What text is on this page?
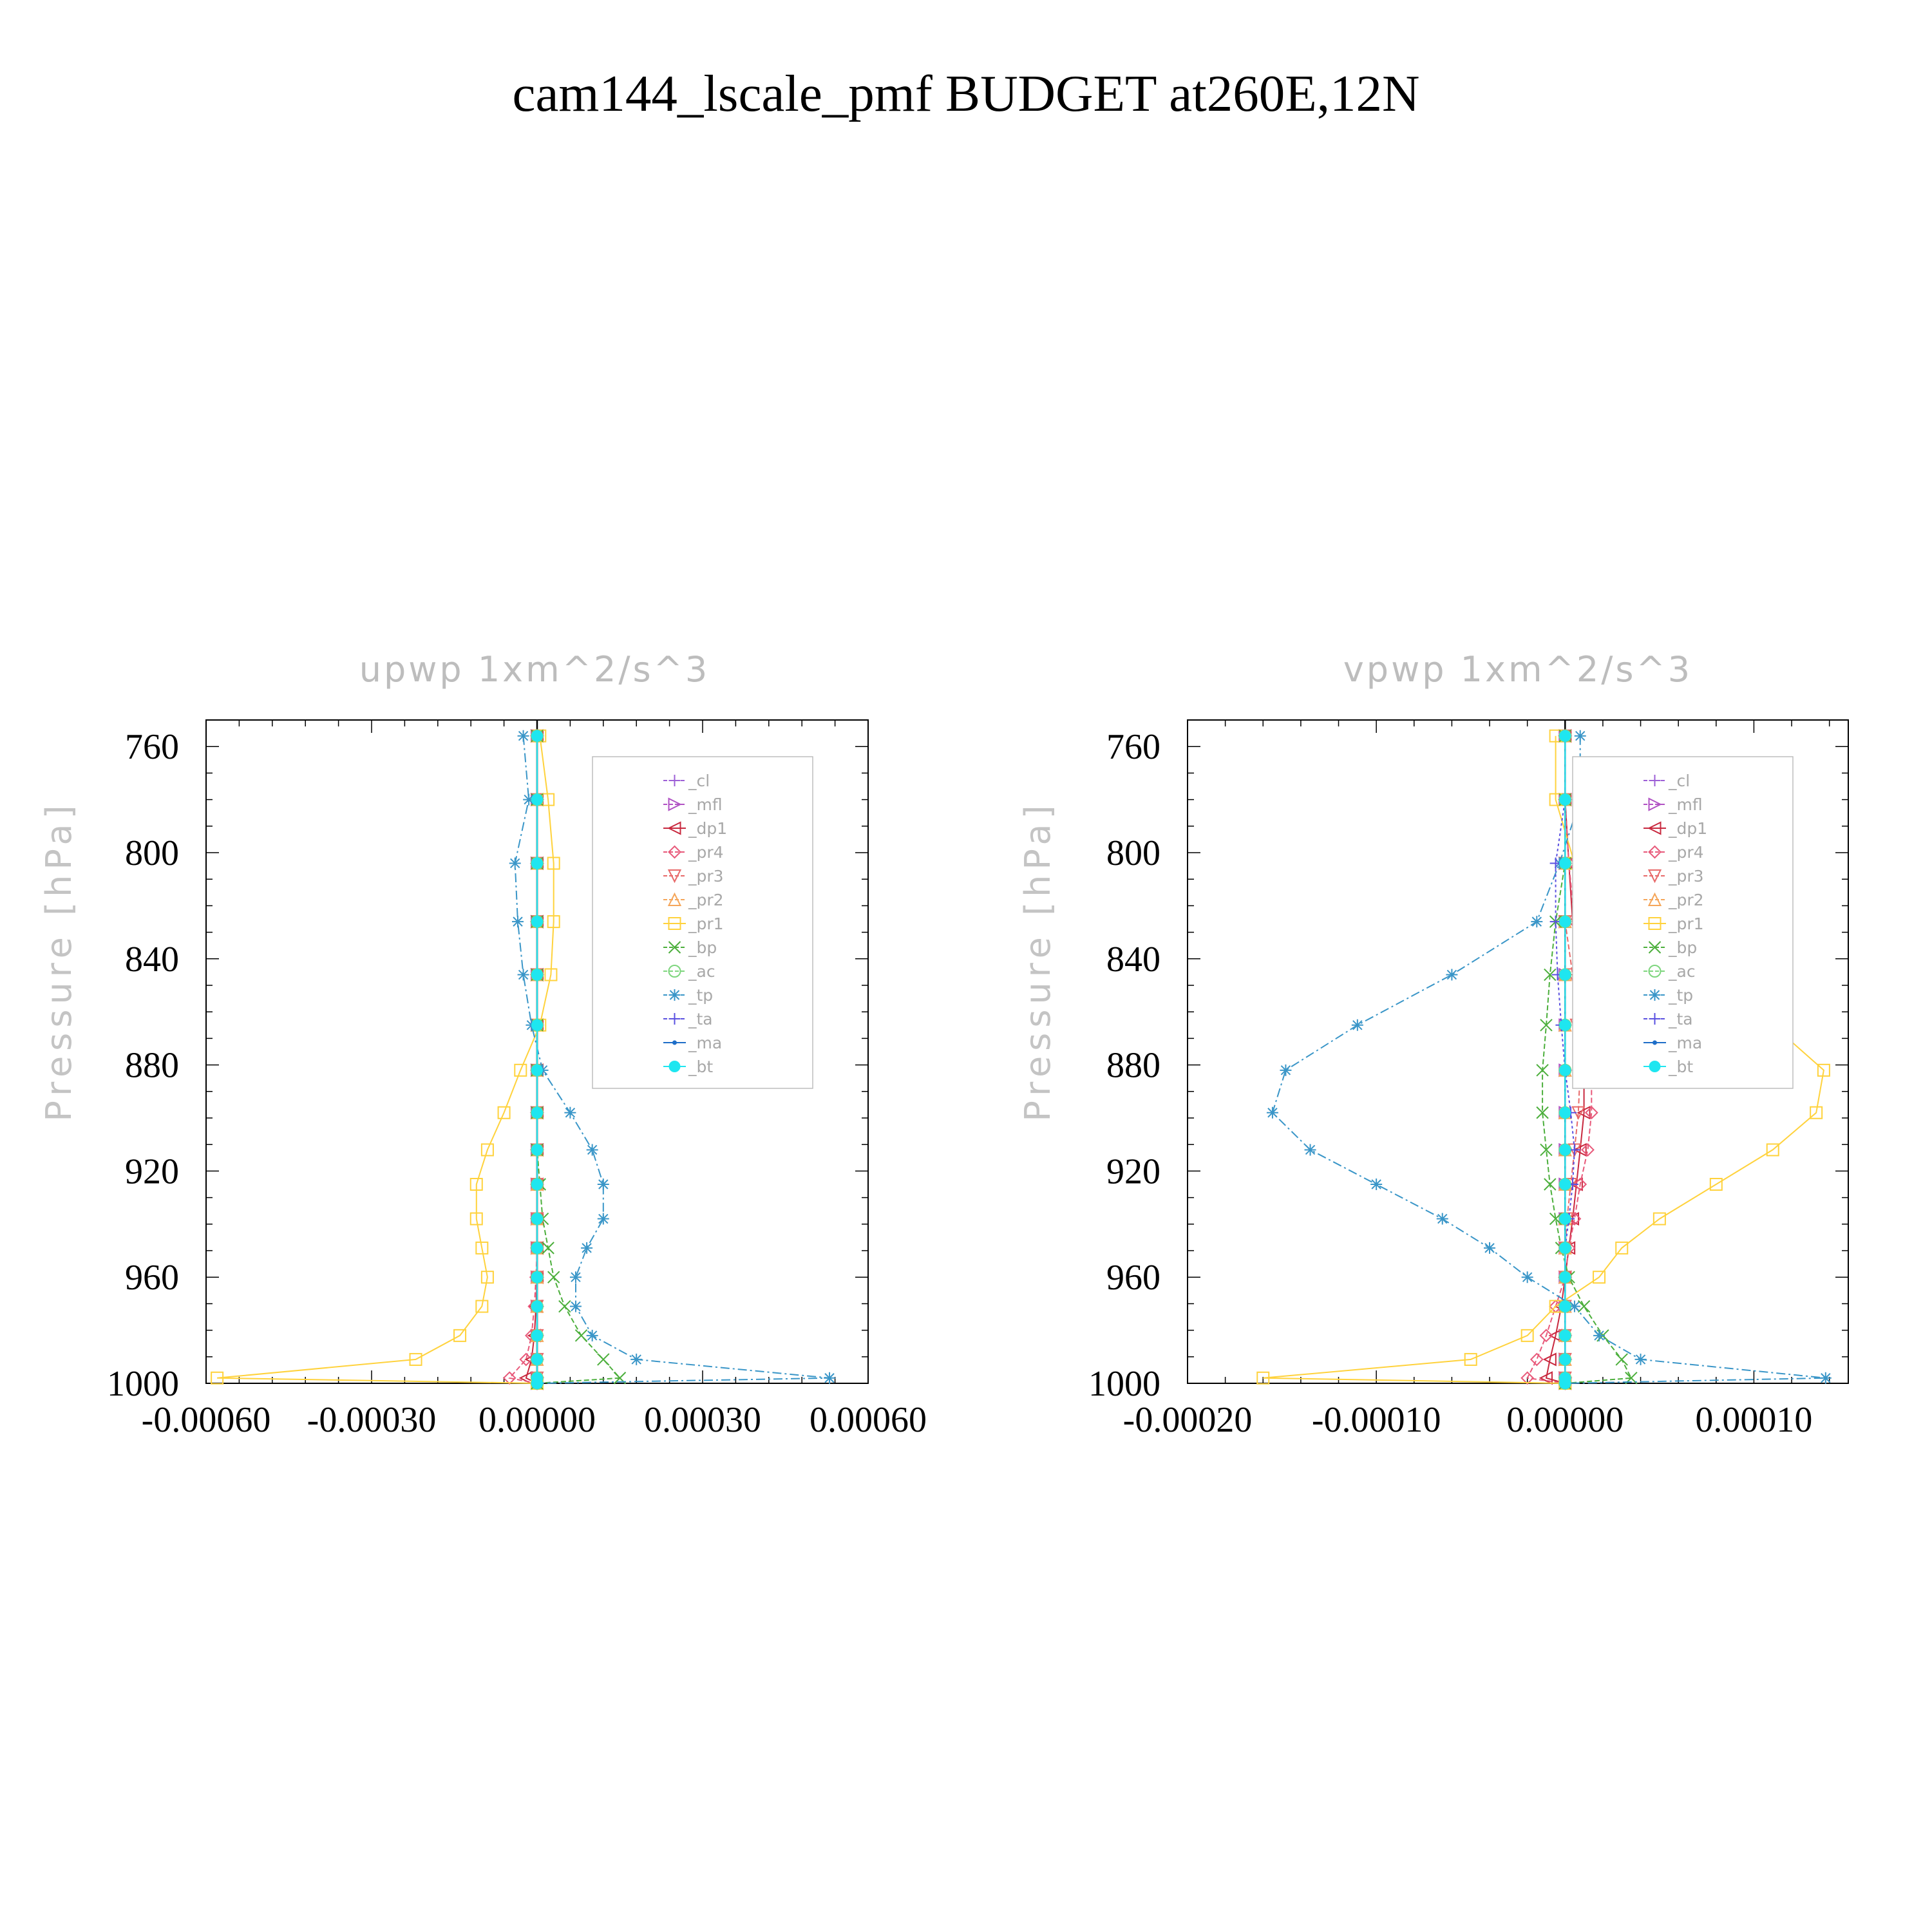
cam144_lscale_pmf BUDGET at260E,12N
upwp 1xm^2/s^3
Pressure [hPa]
760
800
840
880
920
960
1000
-0.00060 -0.00030 0.00000 0.00030 0.00060
_cl
_mfl
_dp1
_pr4
_pr3
_pr2
_pr1
_bp
_ac
_tp
_ta
_ma
_bt
vpwp 1xm^2/s^3
Pressure [hPa]
760
800
840
880
920
960
1000
-0.00020 -0.00010 0.00000 0.00010
_cl
_mfl
_dp1
_pr4
_pr3
_pr2
_pr1
_bp
_ac
_tp
_ta
_ma
_bt
